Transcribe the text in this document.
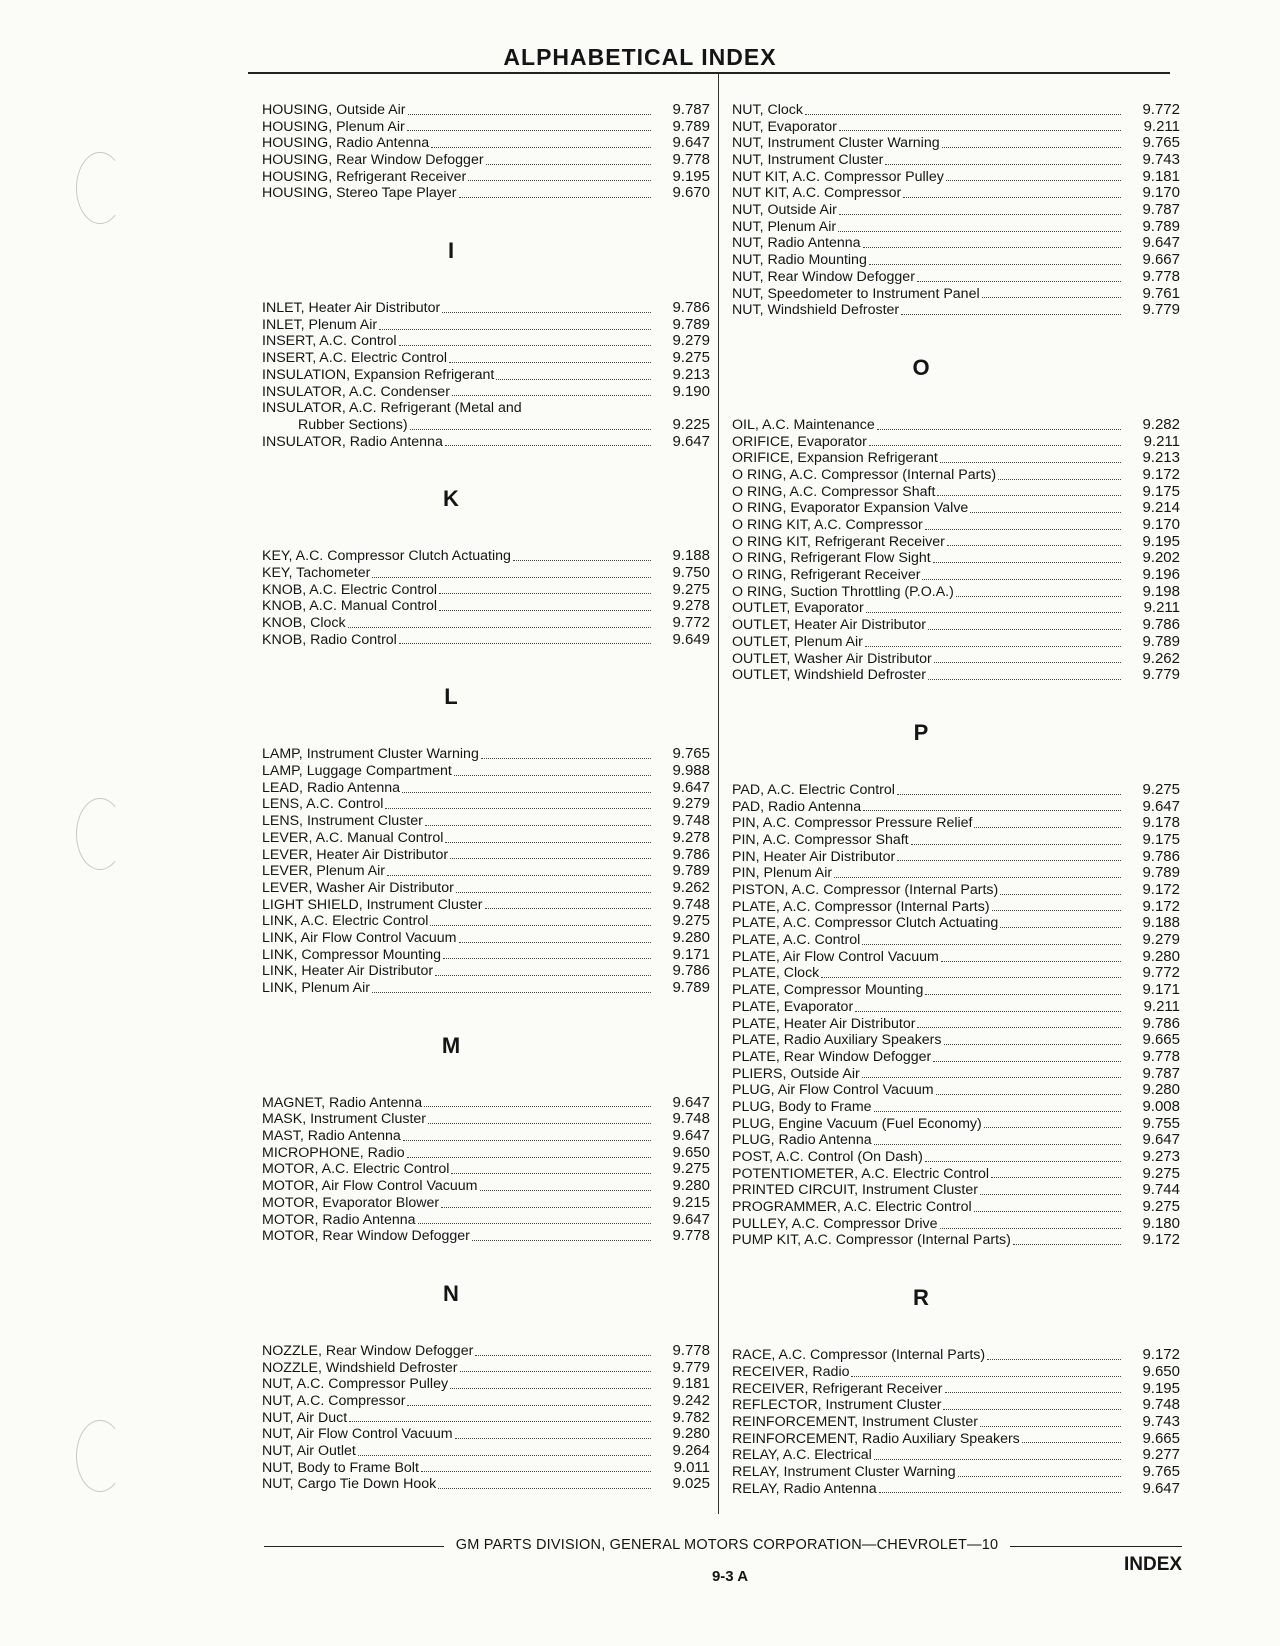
ALPHABETICAL INDEX
HOUSING, Outside Air	9.787
HOUSING, Plenum Air	9.789
HOUSING, Radio Antenna	9.647
HOUSING, Rear Window Defogger	9.778
HOUSING, Refrigerant Receiver	9.195
HOUSING, Stereo Tape Player	9.670
I
INLET, Heater Air Distributor	9.786
INLET, Plenum Air	9.789
INSERT, A.C. Control	9.279
INSERT, A.C. Electric Control	9.275
INSULATION, Expansion Refrigerant	9.213
INSULATOR, A.C. Condenser	9.190
INSULATOR, A.C. Refrigerant (Metal and
Rubber Sections)	9.225
INSULATOR, Radio Antenna	9.647
K
KEY, A.C. Compressor Clutch Actuating	9.188
KEY, Tachometer	9.750
KNOB, A.C. Electric Control	9.275
KNOB, A.C. Manual Control	9.278
KNOB, Clock	9.772
KNOB, Radio Control	9.649
L
LAMP, Instrument Cluster Warning	9.765
LAMP, Luggage Compartment	9.988
LEAD, Radio Antenna	9.647
LENS, A.C. Control	9.279
LENS, Instrument Cluster	9.748
LEVER, A.C. Manual Control	9.278
LEVER, Heater Air Distributor	9.786
LEVER, Plenum Air	9.789
LEVER, Washer Air Distributor	9.262
LIGHT SHIELD, Instrument Cluster	9.748
LINK, A.C. Electric Control	9.275
LINK, Air Flow Control Vacuum	9.280
LINK, Compressor Mounting	9.171
LINK, Heater Air Distributor	9.786
LINK, Plenum Air	9.789
M
MAGNET, Radio Antenna	9.647
MASK, Instrument Cluster	9.748
MAST, Radio Antenna	9.647
MICROPHONE, Radio	9.650
MOTOR, A.C. Electric Control	9.275
MOTOR, Air Flow Control Vacuum	9.280
MOTOR, Evaporator Blower	9.215
MOTOR, Radio Antenna	9.647
MOTOR, Rear Window Defogger	9.778
N
NOZZLE, Rear Window Defogger	9.778
NOZZLE, Windshield Defroster	9.779
NUT, A.C. Compressor Pulley	9.181
NUT, A.C. Compressor	9.242
NUT, Air Duct	9.782
NUT, Air Flow Control Vacuum	9.280
NUT, Air Outlet	9.264
NUT, Body to Frame Bolt	9.011
NUT, Cargo Tie Down Hook	9.025
NUT, Clock	9.772
NUT, Evaporator	9.211
NUT, Instrument Cluster Warning	9.765
NUT, Instrument Cluster	9.743
NUT KIT, A.C. Compressor Pulley	9.181
NUT KIT, A.C. Compressor	9.170
NUT, Outside Air	9.787
NUT, Plenum Air	9.789
NUT, Radio Antenna	9.647
NUT, Radio Mounting	9.667
NUT, Rear Window Defogger	9.778
NUT, Speedometer to Instrument Panel	9.761
NUT, Windshield Defroster	9.779
O
OIL, A.C. Maintenance	9.282
ORIFICE, Evaporator	9.211
ORIFICE, Expansion Refrigerant	9.213
O RING, A.C. Compressor (Internal Parts)	9.172
O RING, A.C. Compressor Shaft	9.175
O RING, Evaporator Expansion Valve	9.214
O RING KIT, A.C. Compressor	9.170
O RING KIT, Refrigerant Receiver	9.195
O RING, Refrigerant Flow Sight	9.202
O RING, Refrigerant Receiver	9.196
O RING, Suction Throttling (P.O.A.)	9.198
OUTLET, Evaporator	9.211
OUTLET, Heater Air Distributor	9.786
OUTLET, Plenum Air	9.789
OUTLET, Washer Air Distributor	9.262
OUTLET, Windshield Defroster	9.779
P
PAD, A.C. Electric Control	9.275
PAD, Radio Antenna	9.647
PIN, A.C. Compressor Pressure Relief	9.178
PIN, A.C. Compressor Shaft	9.175
PIN, Heater Air Distributor	9.786
PIN, Plenum Air	9.789
PISTON, A.C. Compressor (Internal Parts)	9.172
PLATE, A.C. Compressor (Internal Parts)	9.172
PLATE, A.C. Compressor Clutch Actuating	9.188
PLATE, A.C. Control	9.279
PLATE, Air Flow Control Vacuum	9.280
PLATE, Clock	9.772
PLATE, Compressor Mounting	9.171
PLATE, Evaporator	9.211
PLATE, Heater Air Distributor	9.786
PLATE, Radio Auxiliary Speakers	9.665
PLATE, Rear Window Defogger	9.778
PLIERS, Outside Air	9.787
PLUG, Air Flow Control Vacuum	9.280
PLUG, Body to Frame	9.008
PLUG, Engine Vacuum (Fuel Economy)	9.755
PLUG, Radio Antenna	9.647
POST, A.C. Control (On Dash)	9.273
POTENTIOMETER, A.C. Electric Control	9.275
PRINTED CIRCUIT, Instrument Cluster	9.744
PROGRAMMER, A.C. Electric Control	9.275
PULLEY, A.C. Compressor Drive	9.180
PUMP KIT, A.C. Compressor (Internal Parts)	9.172
R
RACE, A.C. Compressor (Internal Parts)	9.172
RECEIVER, Radio	9.650
RECEIVER, Refrigerant Receiver	9.195
REFLECTOR, Instrument Cluster	9.748
REINFORCEMENT, Instrument Cluster	9.743
REINFORCEMENT, Radio Auxiliary Speakers	9.665
RELAY, A.C. Electrical	9.277
RELAY, Instrument Cluster Warning	9.765
RELAY, Radio Antenna	9.647
GM PARTS DIVISION, GENERAL MOTORS CORPORATION—CHEVROLET—10
9-3 A
INDEX
